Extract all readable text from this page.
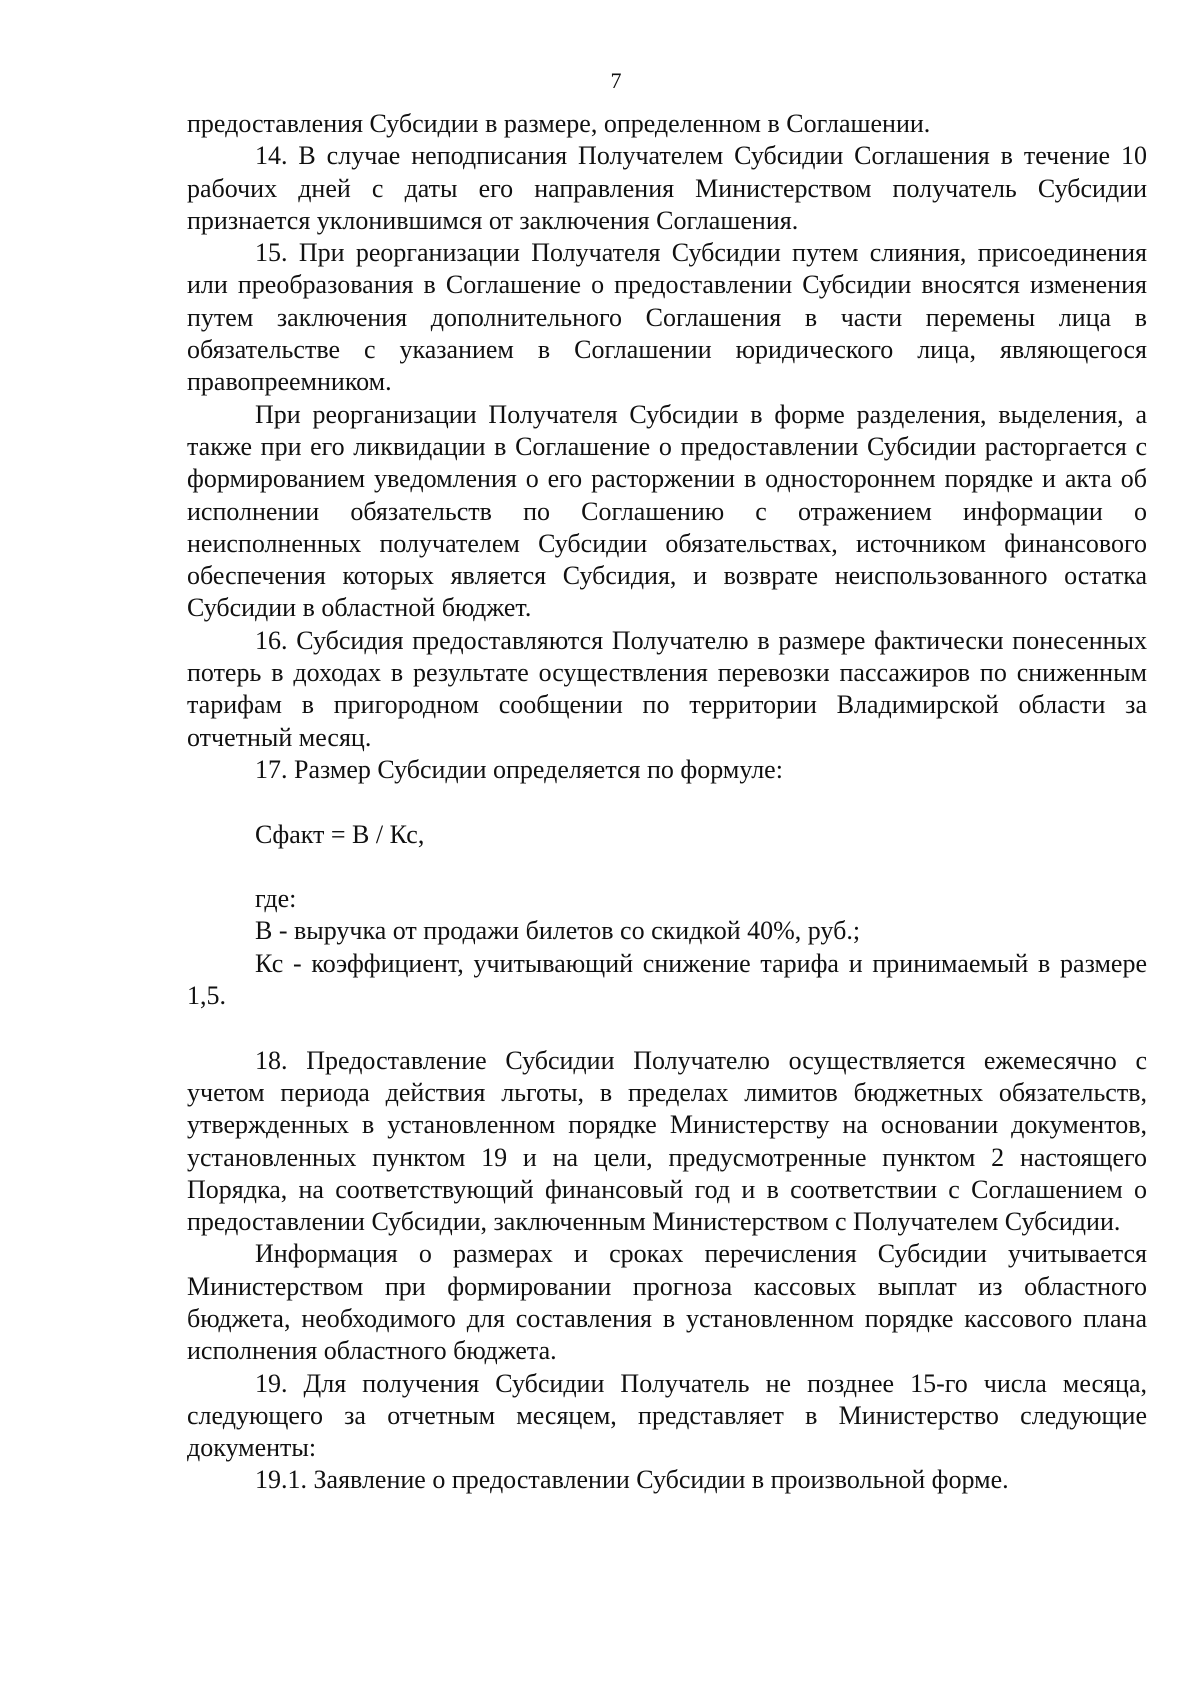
7

предоставления Субсидии в размере, определенном в Соглашении.

14. В случае неподписания Получателем Субсидии Соглашения в течение 10 рабочих дней с даты его направления Министерством получатель Субсидии признается уклонившимся от заключения Соглашения.

15. При реорганизации Получателя Субсидии путем слияния, присоединения или преобразования в Соглашение о предоставлении Субсидии вносятся изменения путем заключения дополнительного Соглашения в части перемены лица в обязательстве с указанием в Соглашении юридического лица, являющегося правопреемником.

При реорганизации Получателя Субсидии в форме разделения, выделения, а также при его ликвидации в Соглашение о предоставлении Субсидии расторгается с формированием уведомления о его расторжении в одностороннем порядке и акта об исполнении обязательств по Соглашению с отражением информации о неисполненных получателем Субсидии обязательствах, источником финансового обеспечения которых является Субсидия, и возврате неиспользованного остатка Субсидии в областной бюджет.

16. Субсидия предоставляются Получателю в размере фактически понесенных потерь в доходах в результате осуществления перевозки пассажиров по сниженным тарифам в пригородном сообщении по территории Владимирской области за отчетный месяц.

17. Размер Субсидии определяется по формуле:

Сфакт = В / Кс,

где:

В - выручка от продажи билетов со скидкой 40%, руб.;

Кс - коэффициент, учитывающий снижение тарифа и принимаемый в размере 1,5.

18. Предоставление Субсидии Получателю осуществляется ежемесячно с учетом периода действия льготы, в пределах лимитов бюджетных обязательств, утвержденных в установленном порядке Министерству на основании документов, установленных пунктом 19 и на цели, предусмотренные пунктом 2 настоящего Порядка, на соответствующий финансовый год и в соответствии с Соглашением о предоставлении Субсидии, заключенным Министерством с Получателем Субсидии.

Информация о размерах и сроках перечисления Субсидии учитывается Министерством при формировании прогноза кассовых выплат из областного бюджета, необходимого для составления в установленном порядке кассового плана исполнения областного бюджета.

19. Для получения Субсидии Получатель не позднее 15-го числа месяца, следующего за отчетным месяцем, представляет в Министерство следующие документы:

19.1. Заявление о предоставлении Субсидии в произвольной форме.
